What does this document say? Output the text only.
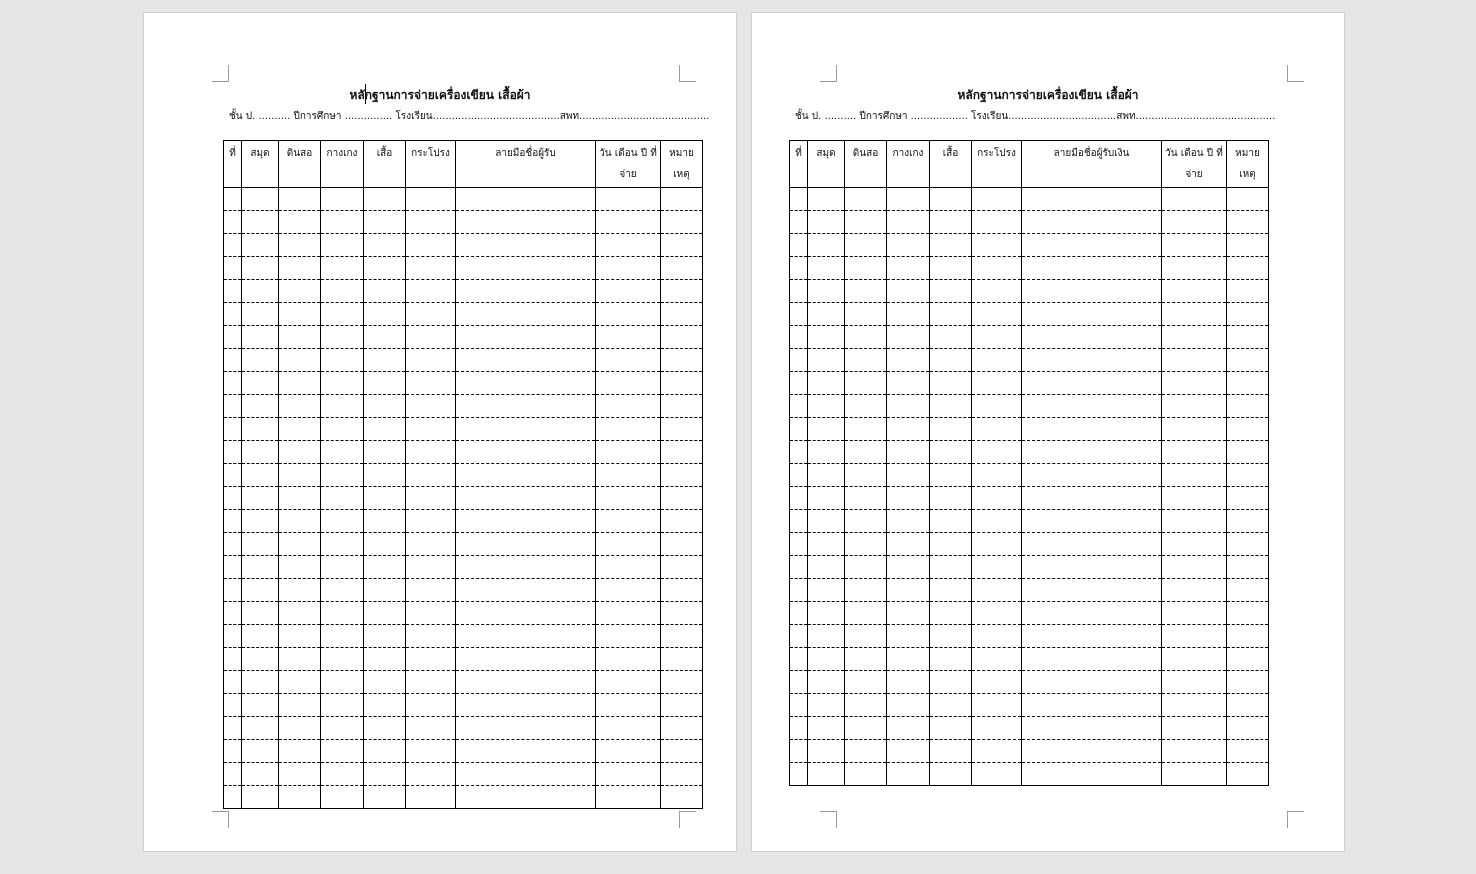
หลักฐานการจ่ายเครื่องเขียน เสื้อผ้า
ชั้น ป. .......... ปีการศึกษา ............... โรงเรียน........................................สพท.........................................
ที่	สมุด	ดินสอ	กางเกง	เสื้อ	กระโปรง	ลายมือชื่อผู้รับ	วัน เดือน ปี ที่จ่าย	หมาย เหตุ

หลักฐานการจ่ายเครื่องเขียน เสื้อผ้า
ชั้น ป. .......... ปีการศึกษา .................. โรงเรียน..................................สพท............................................
ที่	สมุด	ดินสอ	กางเกง	เสื้อ	กระโปรง	ลายมือชื่อผู้รับเงิน	วัน เดือน ปี ที่จ่าย	หมาย เหตุ
